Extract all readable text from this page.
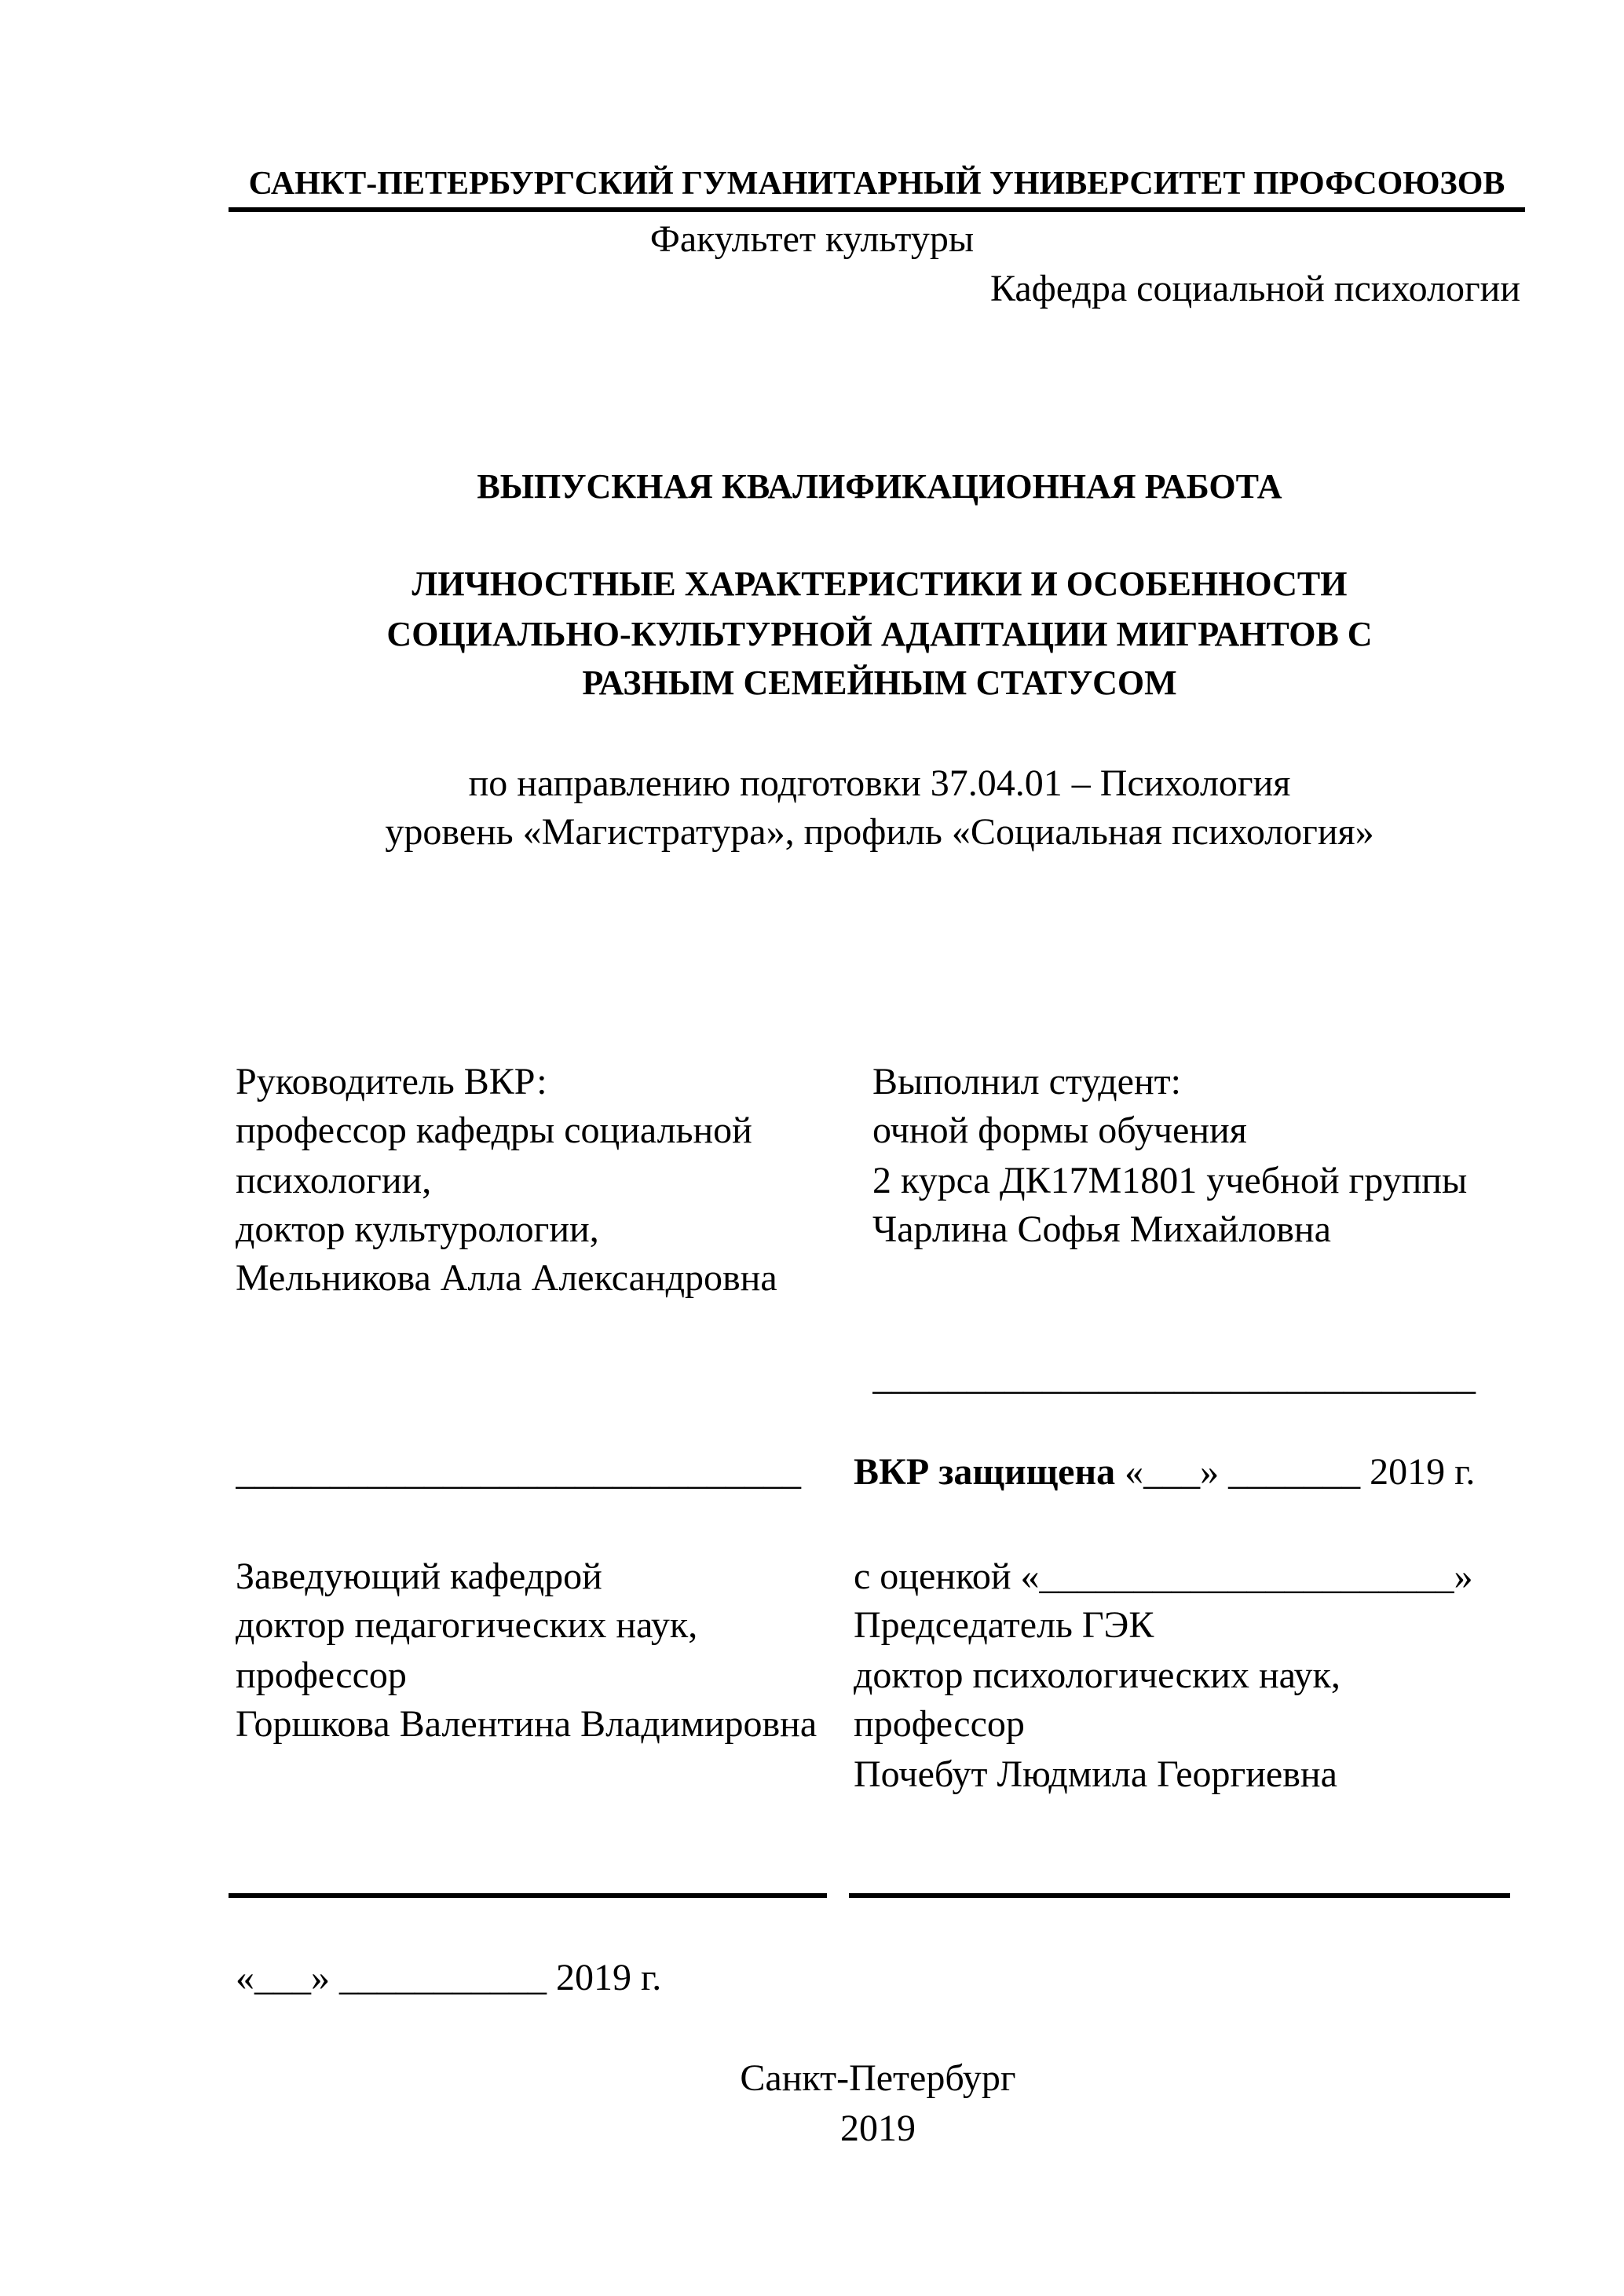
САНКТ-ПЕТЕРБУРГСКИЙ ГУМАНИТАРНЫЙ УНИВЕРСИТЕТ ПРОФСОЮЗОВ
Факультет культуры
Кафедра социальной психологии
ВЫПУСКНАЯ КВАЛИФИКАЦИОННАЯ РАБОТА
ЛИЧНОСТНЫЕ ХАРАКТЕРИСТИКИ И ОСОБЕННОСТИ
СОЦИАЛЬНО-КУЛЬТУРНОЙ АДАПТАЦИИ МИГРАНТОВ С
РАЗНЫМ СЕМЕЙНЫМ СТАТУСОМ
по направлению подготовки 37.04.01 – Психология
уровень «Магистратура», профиль «Социальная психология»
Руководитель ВКР:
профессор кафедры социальной
психологии,
доктор культурологии,
Мельникова Алла Александровна
Выполнил студент:
очной формы обучения
2 курса ДК17М1801 учебной группы
Чарлина Софья Михайловна
________________________________
______________________________	ВКР защищена «___» _______ 2019 г.
Заведующий кафедрой
доктор педагогических наук,
профессор
Горшкова Валентина Владимировна
с оценкой «______________________»
Председатель ГЭК
доктор психологических наук,
профессор
Почебут Людмила Георгиевна
«___» ___________ 2019 г.
Санкт-Петербург
2019
